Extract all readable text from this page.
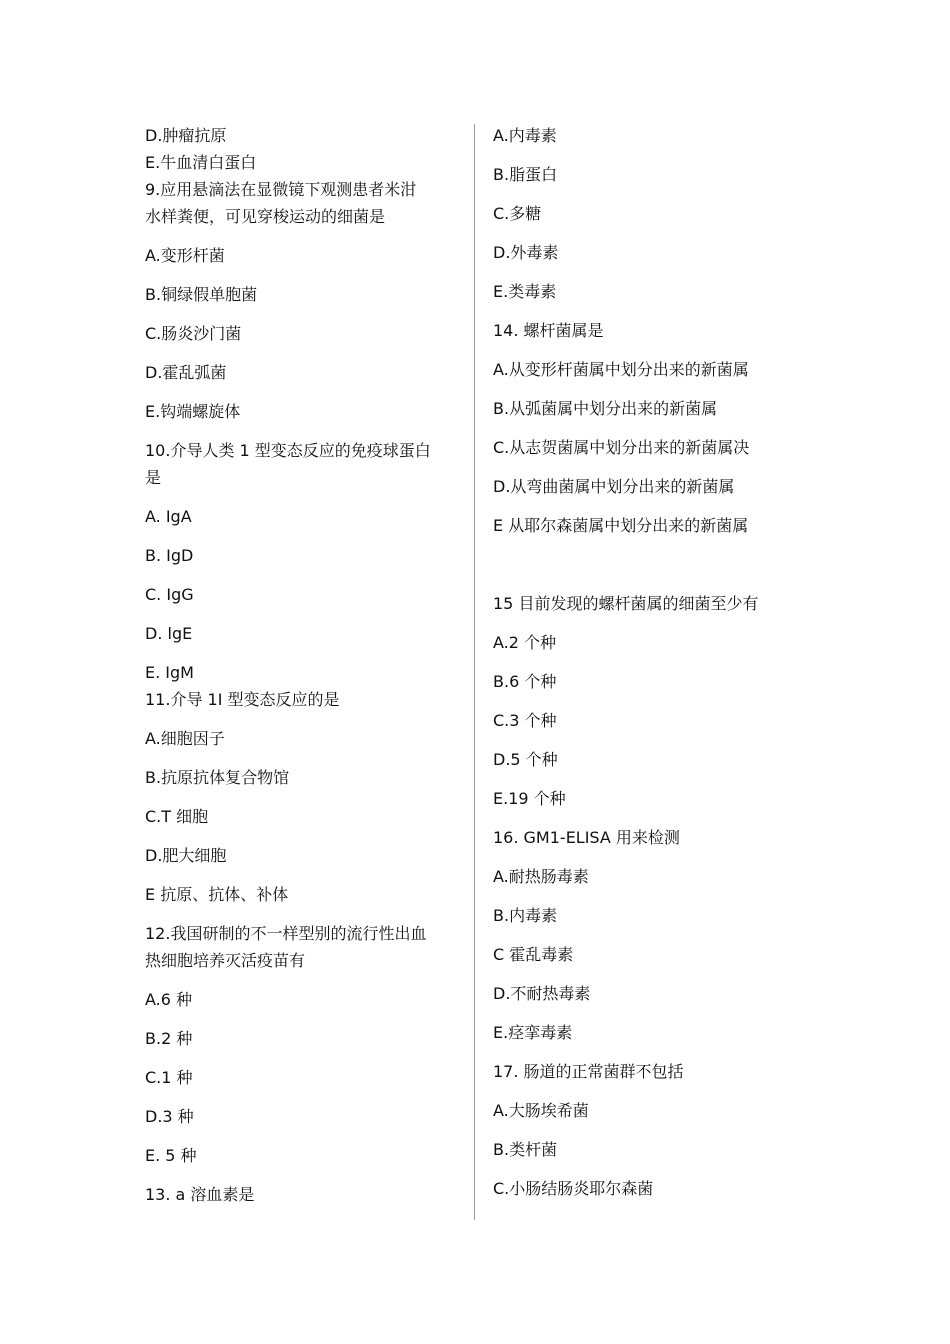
D.肿瘤抗原
E.牛血清白蛋白
9.应用悬滴法在显微镜下观测患者米泔
水样粪便，可见穿梭运动的细菌是
A.变形杆菌
B.铜绿假单胞菌
C.肠炎沙门菌
D.霍乱弧菌
E.钩端螺旋体
10.介导人类 1 型变态反应的免疫球蛋白
是
A. IgA
B. IgD
C. IgG
D. lgE
E. IgM
11.介导 1I 型变态反应的是
A.细胞因子
B.抗原抗体复合物馆
C.T 细胞
D.肥大细胞
E 抗原、抗体、补体
12.我国研制的不一样型别的流行性出血
热细胞培养灭活疫苗有
A.6 种
B.2 种
C.1 种
D.3 种
E. 5 种
13. a 溶血素是
A.内毒素
B.脂蛋白
C.多糖
D.外毒素
E.类毒素
14. 螺杆菌属是
A.从变形杆菌属中划分出来的新菌属
B.从弧菌属中划分出来的新菌属
C.从志贺菌属中划分出来的新菌属决
D.从弯曲菌属中划分出来的新菌属
E 从耶尔森菌属中划分出来的新菌属
15 目前发现的螺杆菌属的细菌至少有
A.2 个种
B.6 个种
C.3 个种
D.5 个种
E.19 个种
16. GM1-ELISA 用来检测
A.耐热肠毒素
B.内毒素
C 霍乱毒素
D.不耐热毒素
E.痉挛毒素
17. 肠道的正常菌群不包括
A.大肠埃希菌
B.类杆菌
C.小肠结肠炎耶尔森菌
